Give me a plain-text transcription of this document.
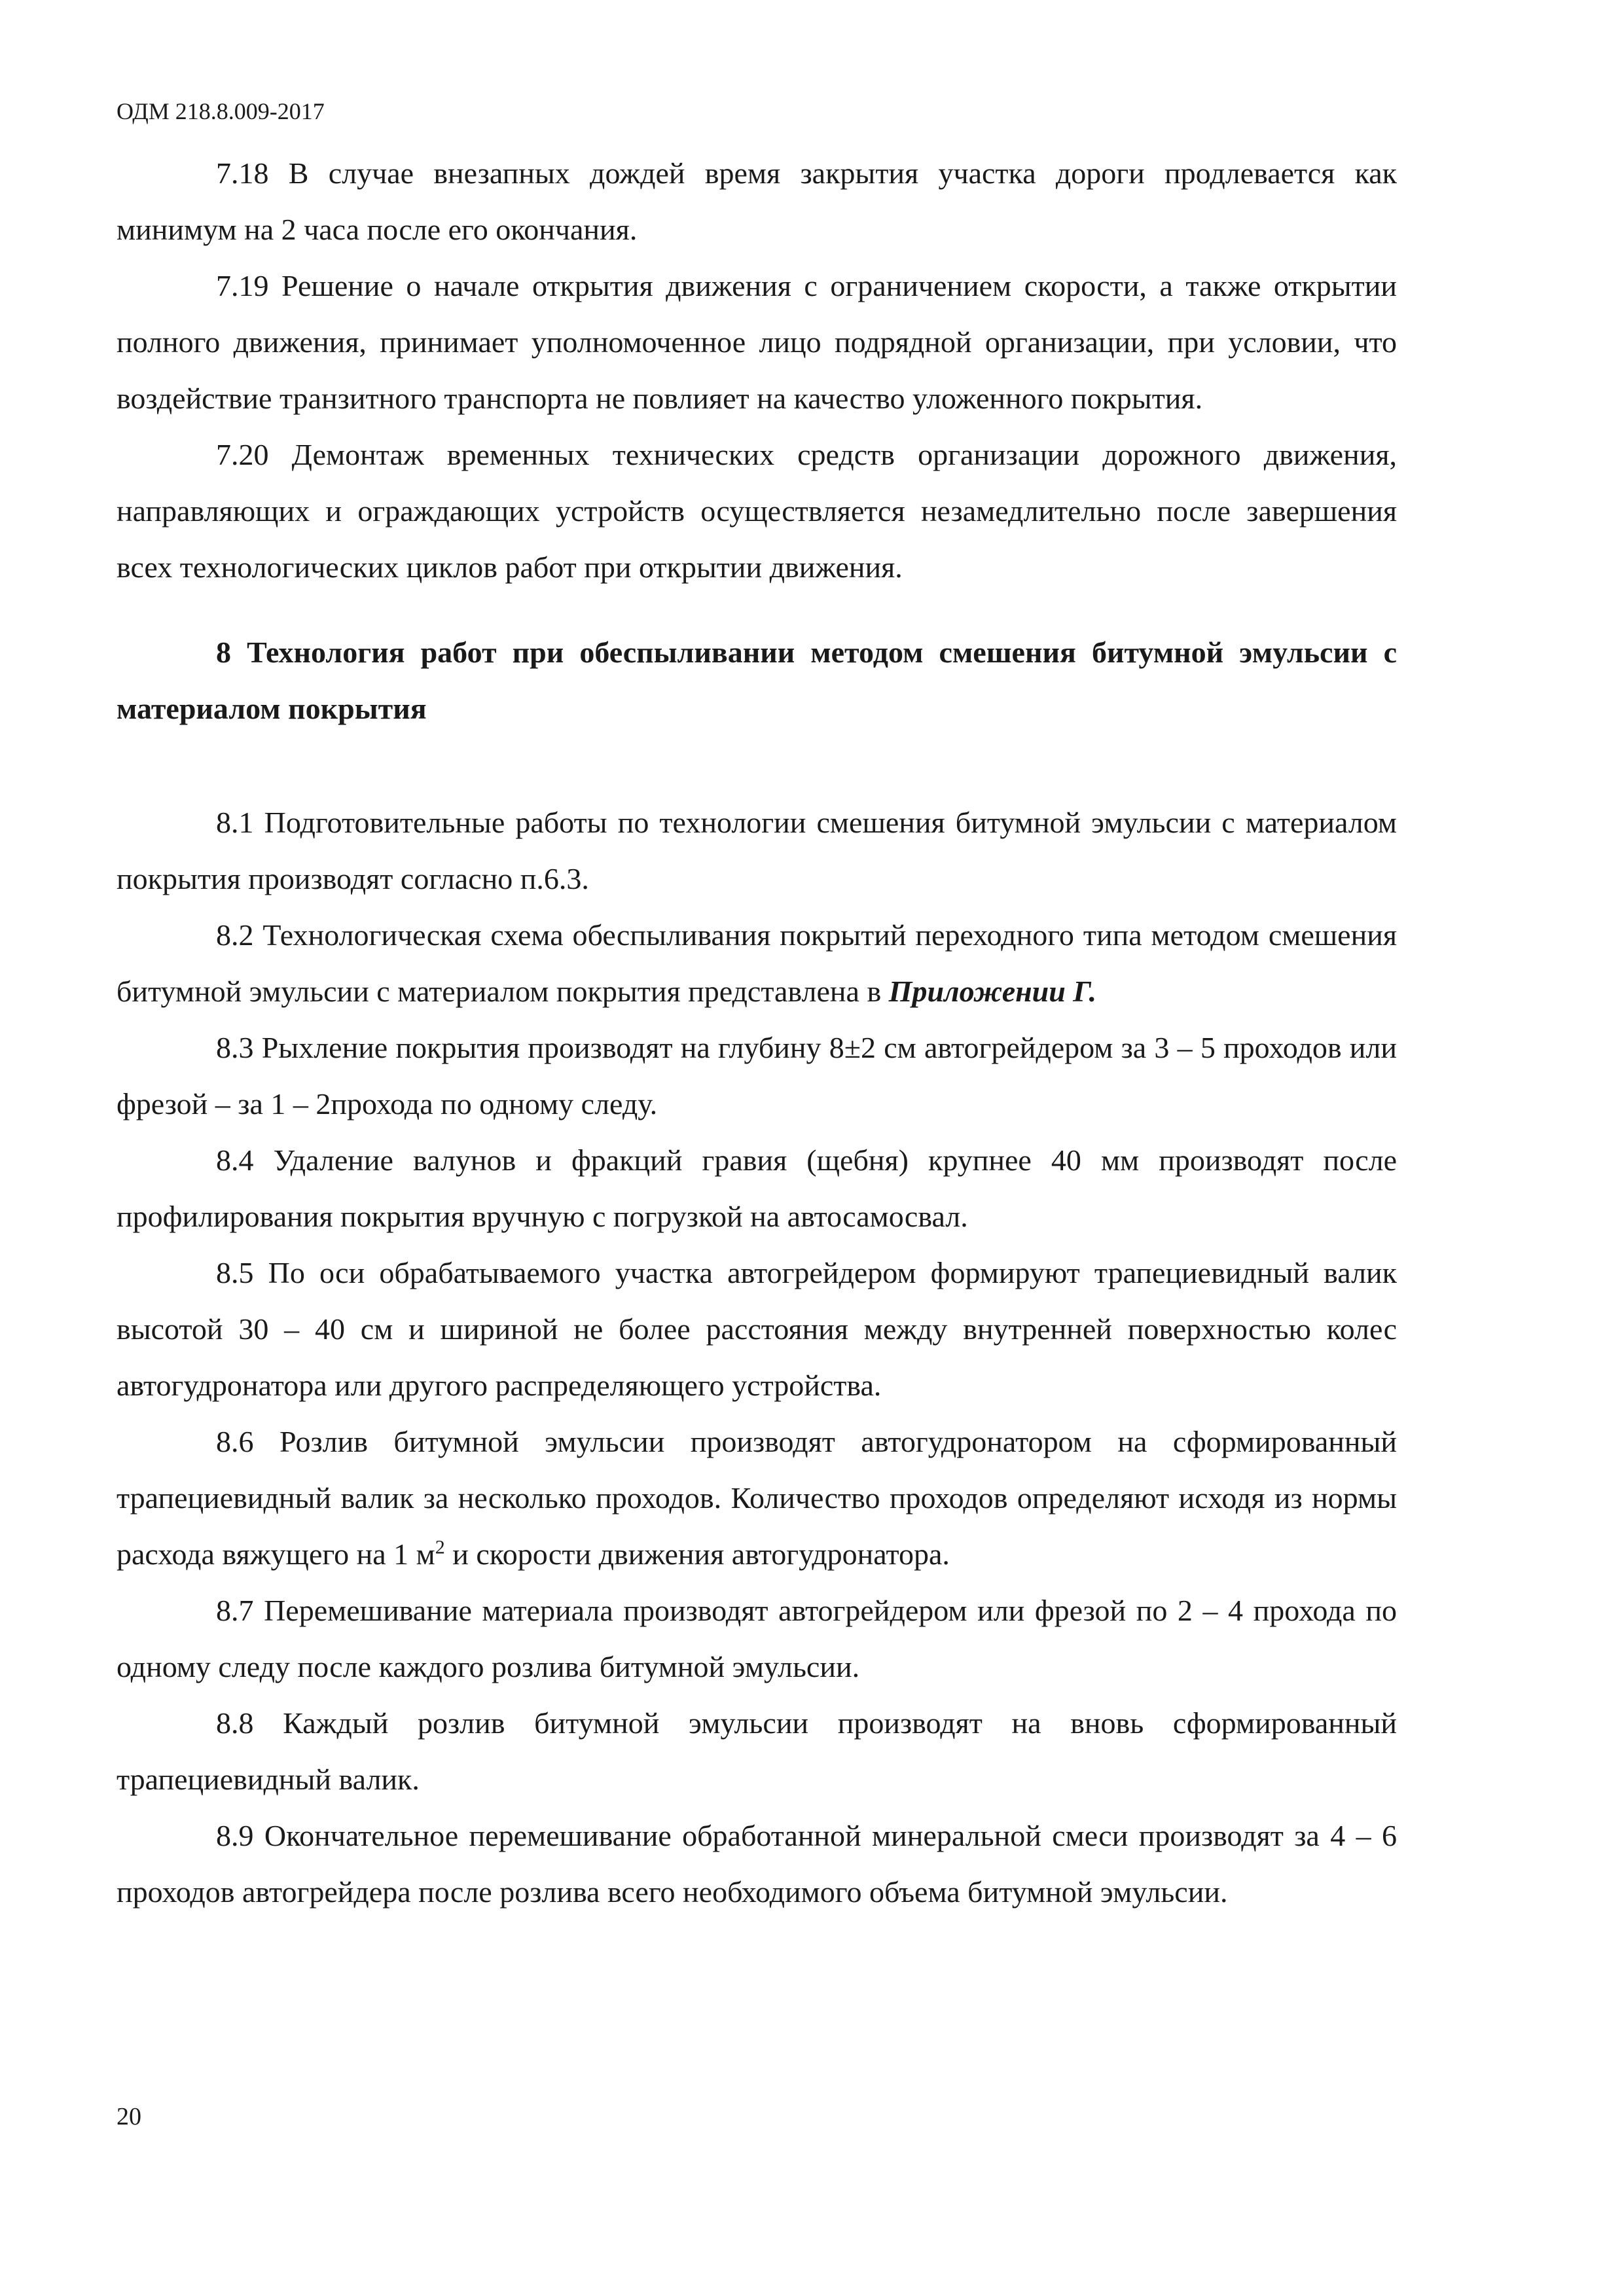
ОДМ 218.8.009-2017

7.18 В случае внезапных дождей время закрытия участка дороги продлевается как минимум на 2 часа после его окончания.

7.19 Решение о начале открытия движения с ограничением скорости, а также открытии полного движения, принимает уполномоченное лицо подрядной организации, при условии, что воздействие транзитного транспорта не повлияет на качество уложенного покрытия.

7.20 Демонтаж временных технических средств организации дорожного движения, направляющих и ограждающих устройств осуществляется незамедлительно после завершения всех технологических циклов работ при открытии движения.

8 Технология работ при обеспыливании методом смешения битумной эмульсии с материалом покрытия

8.1 Подготовительные работы по технологии смешения битумной эмульсии с материалом покрытия производят согласно п.6.3.

8.2 Технологическая схема обеспыливания покрытий переходного типа методом смешения битумной эмульсии с материалом покрытия представлена в Приложении Г.

8.3 Рыхление покрытия производят на глубину 8±2 см автогрейдером за 3 – 5 проходов или фрезой – за 1 – 2прохода по одному следу.

8.4 Удаление валунов и фракций гравия (щебня) крупнее 40 мм производят после профилирования покрытия вручную с погрузкой на автосамосвал.

8.5 По оси обрабатываемого участка автогрейдером формируют трапециевидный валик высотой 30 – 40 см и шириной не более расстояния между внутренней поверхностью колес автогудронатора или другого распределяющего устройства.

8.6 Розлив битумной эмульсии производят автогудронатором на сформированный трапециевидный валик за несколько проходов. Количество проходов определяют исходя из нормы расхода вяжущего на 1 $м^2$ и скорости движения автогудронатора.

8.7 Перемешивание материала производят автогрейдером или фрезой по 2 – 4 прохода по одному следу после каждого розлива битумной эмульсии.

8.8 Каждый розлив битумной эмульсии производят на вновь сформированный трапециевидный валик.

8.9 Окончательное перемешивание обработанной минеральной смеси производят за 4 – 6 проходов автогрейдера после розлива всего необходимого объема битумной эмульсии.

20
